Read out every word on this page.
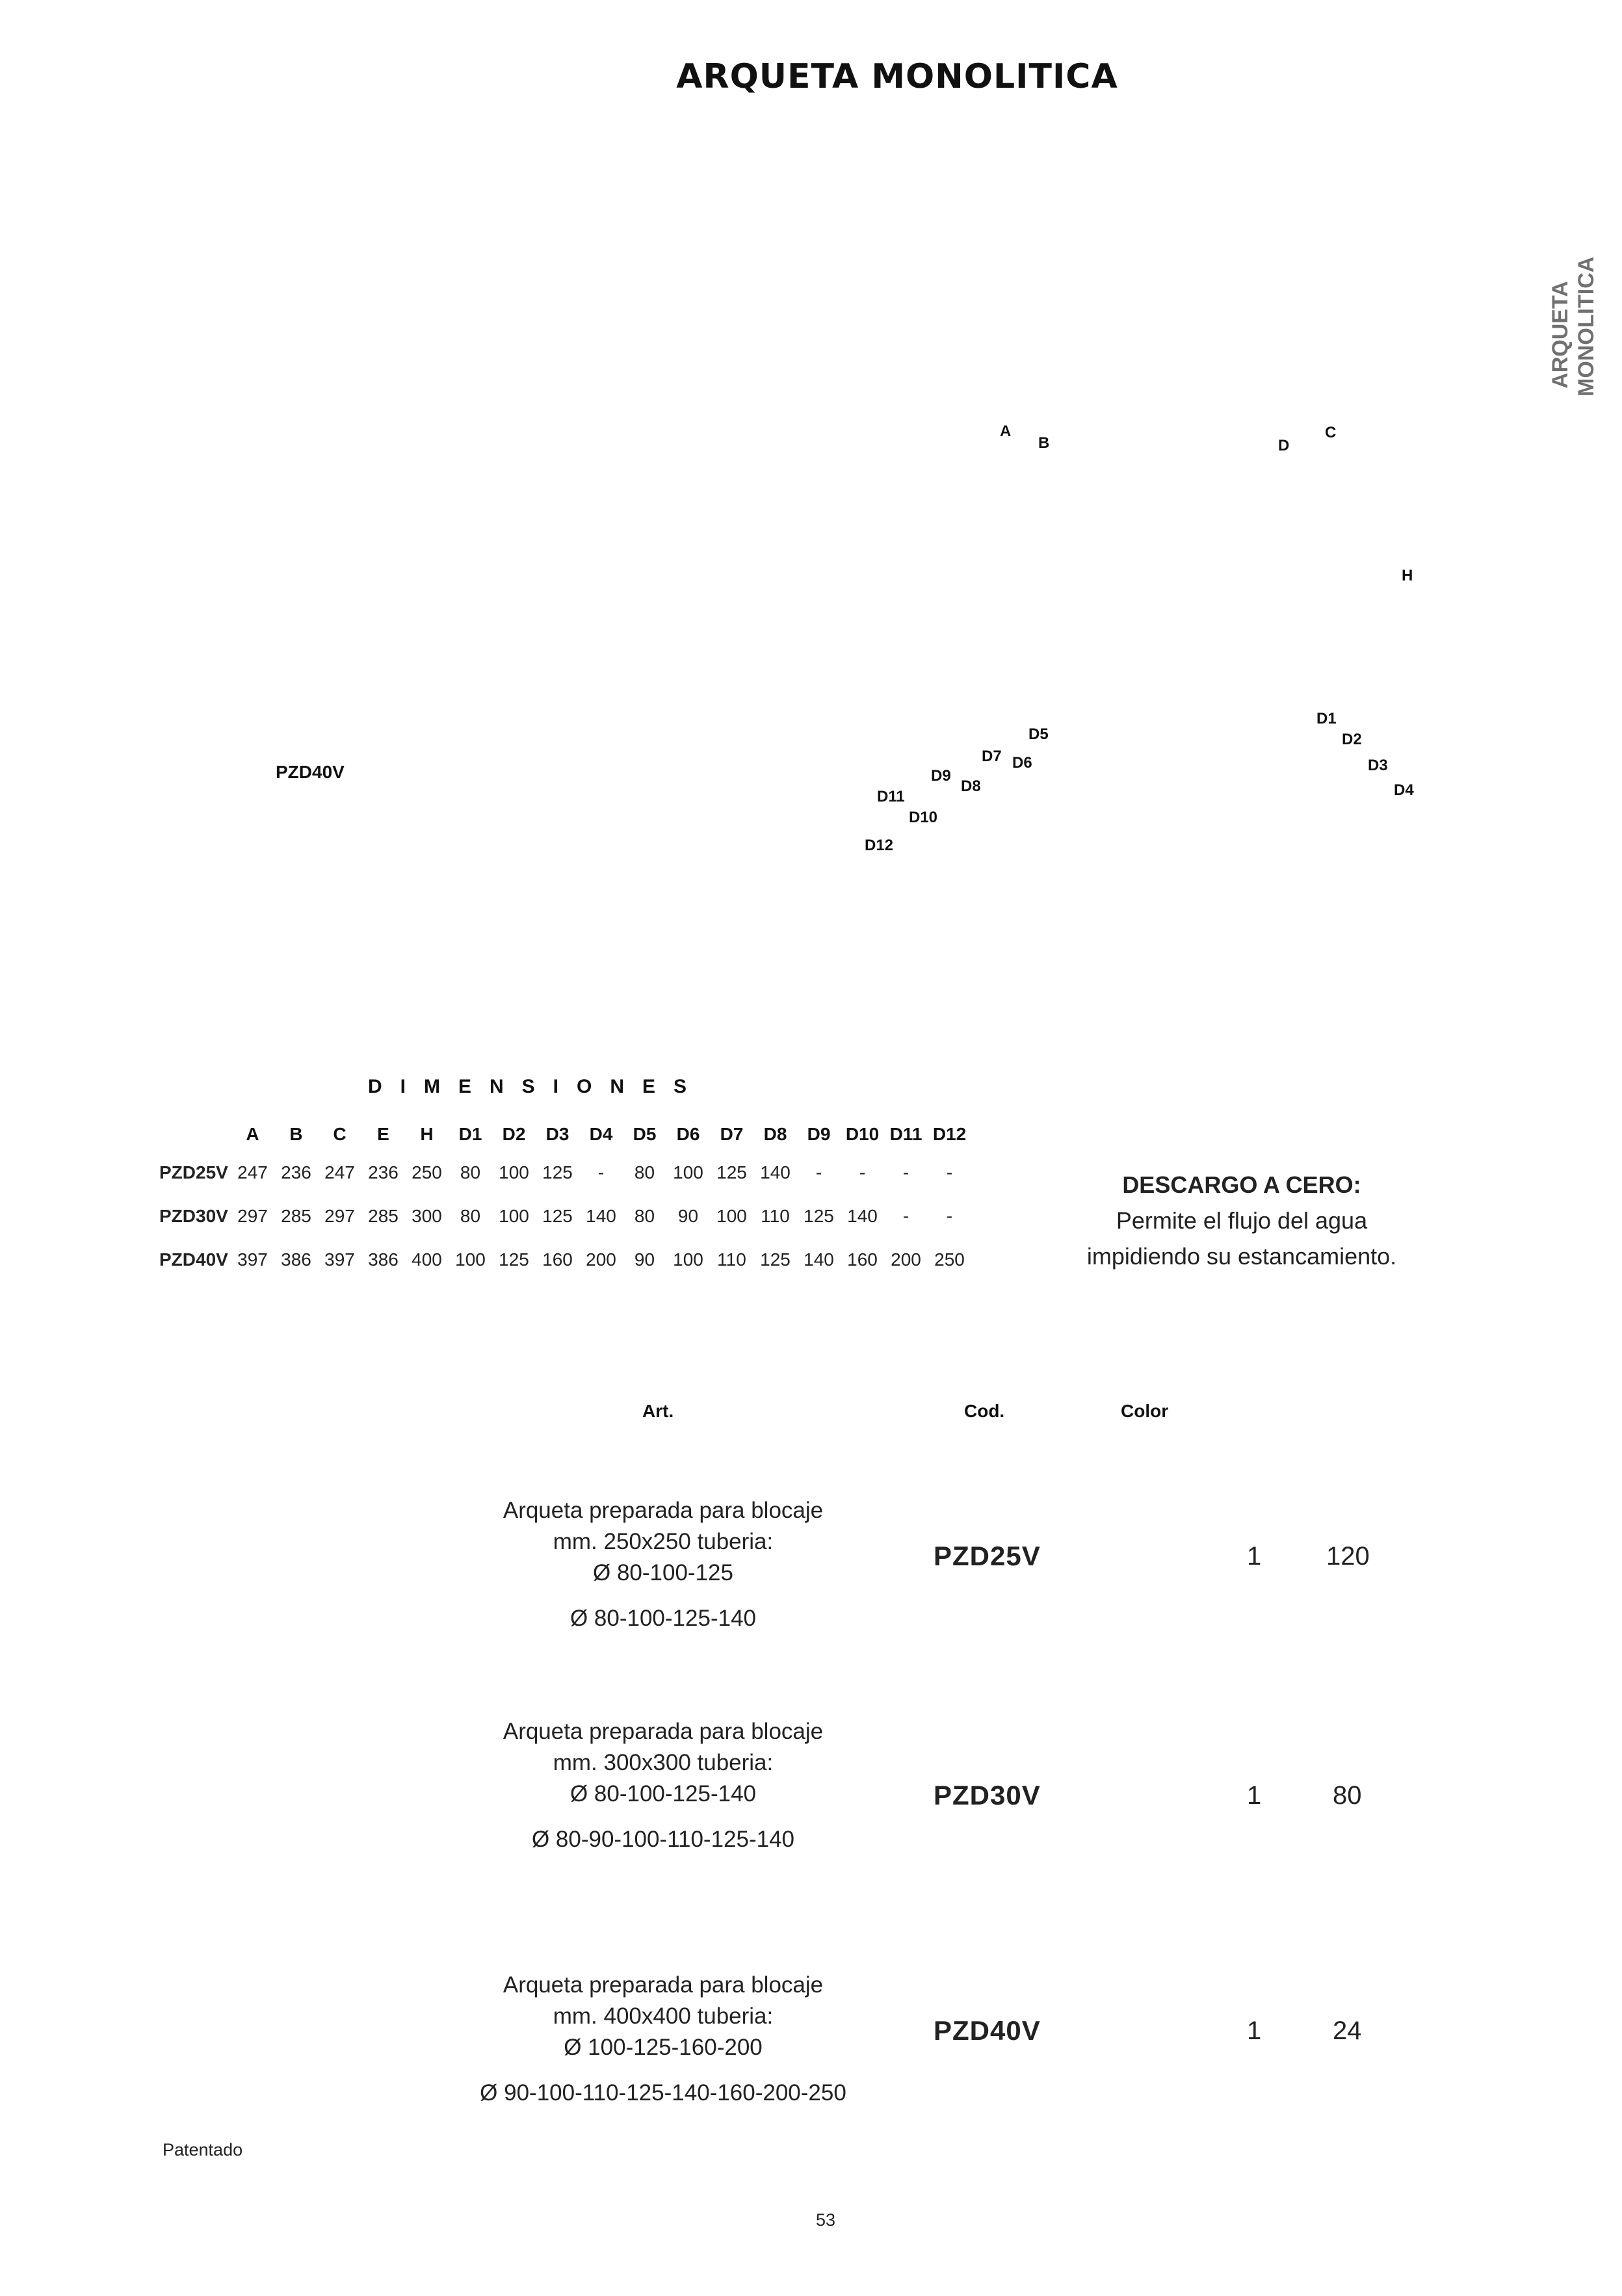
ARQUETA MONOLITICA
ARQUETA MONOLITICA
PZD40V
A
B
C
D
H
D1
D2
D3
D4
D5
D6
D7
D8
D9
D10
D11
D12
DIMENSIONES
	A	B	C	E	H	D1	D2	D3	D4	D5	D6	D7	D8	D9	D10	D11	D12
PZD25V	247	236	247	236	250	80	100	125	-	80	100	125	140	-	-	-	-
PZD30V	297	285	297	285	300	80	100	125	140	80	90	100	110	125	140	-	-
PZD40V	397	386	397	386	400	100	125	160	200	90	100	110	125	140	160	200	250
DESCARGO A CERO:
Permite el flujo del agua
impidiendo su estancamiento.
Art.	Cod.	Color
Arqueta preparada para blocaje
mm. 250x250 tuberia:
Ø 80-100-125
Ø 80-100-125-140
PZD25V	1 120
Arqueta preparada para blocaje
mm. 300x300 tuberia:
Ø 80-100-125-140
Ø 80-90-100-110-125-140
PZD30V	1	80
Arqueta preparada para blocaje
mm. 400x400 tuberia:
Ø 100-125-160-200
Ø 90-100-110-125-140-160-200-250
PZD40V	1	24
Patentado
53
